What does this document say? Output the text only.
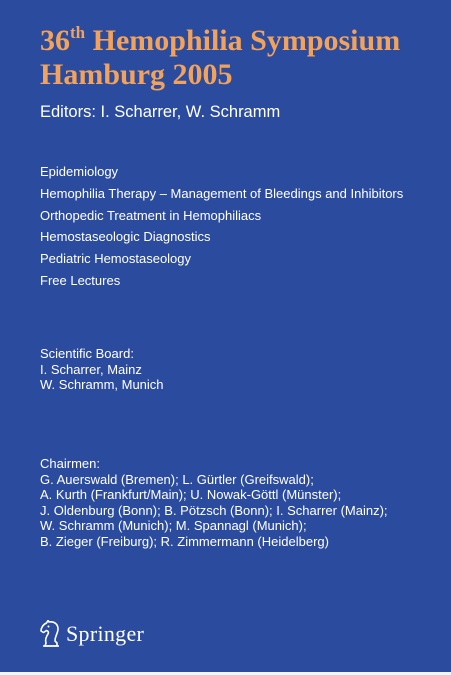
36th Hemophilia Symposium
Hamburg 2005
Editors: I. Scharrer, W. Schramm
Epidemiology
Hemophilia Therapy – Management of Bleedings and Inhibitors
Orthopedic Treatment in Hemophiliacs
Hemostaseologic Diagnostics
Pediatric Hemostaseology
Free Lectures
Scientific Board:
I. Scharrer, Mainz
W. Schramm, Munich
Chairmen:
G. Auerswald (Bremen); L. Gürtler (Greifswald);
A. Kurth (Frankfurt/Main); U. Nowak-Göttl (Münster);
J. Oldenburg (Bonn); B. Pötzsch (Bonn); I. Scharrer (Mainz);
W. Schramm (Munich); M. Spannagl (Munich);
B. Zieger (Freiburg); R. Zimmermann (Heidelberg)
Springer
